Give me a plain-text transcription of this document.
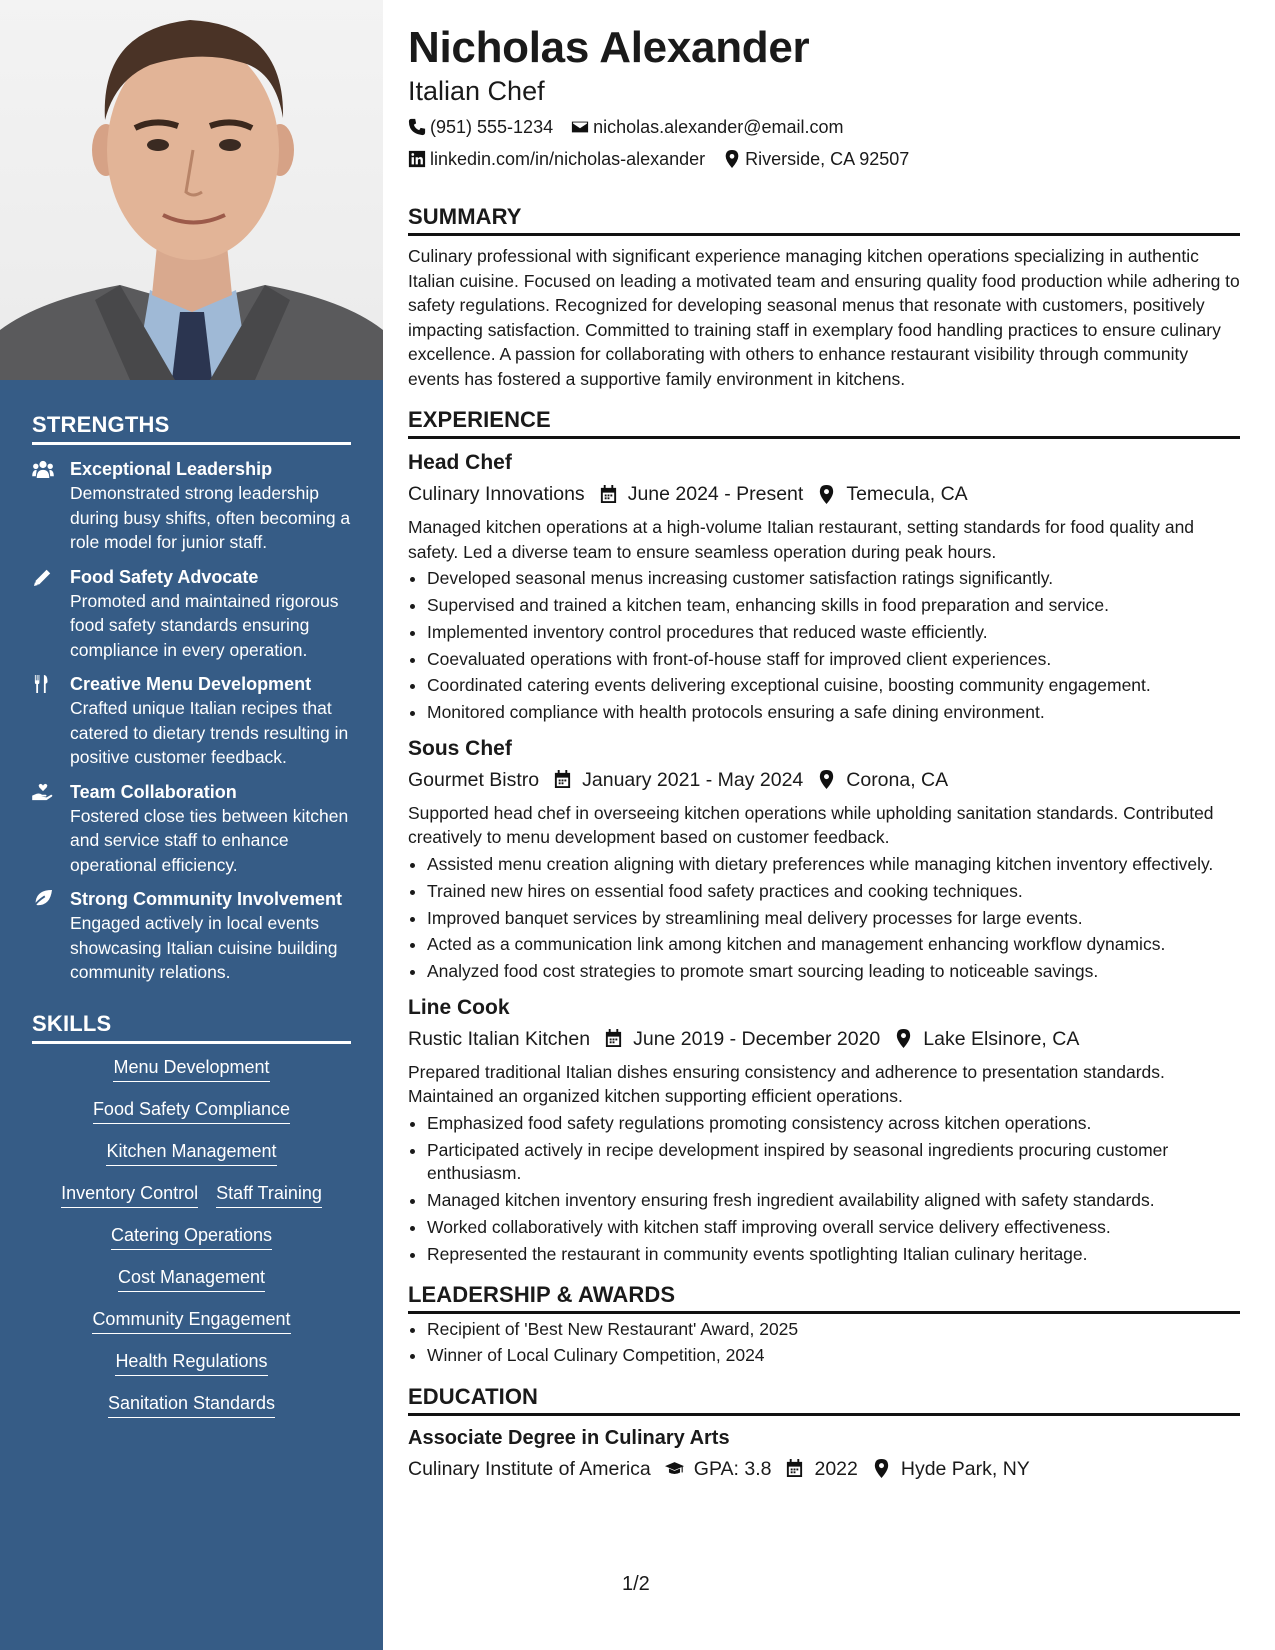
STRENGTHS
Exceptional Leadership
Demonstrated strong leadership during busy shifts, often becoming a role model for junior staff.
Food Safety Advocate
Promoted and maintained rigorous food safety standards ensuring compliance in every operation.
Creative Menu Development
Crafted unique Italian recipes that catered to dietary trends resulting in positive customer feedback.
Team Collaboration
Fostered close ties between kitchen and service staff to enhance operational efficiency.
Strong Community Involvement
Engaged actively in local events showcasing Italian cuisine building community relations.
SKILLS
Menu Development
Food Safety Compliance
Kitchen Management
Inventory Control Staff Training
Catering Operations
Cost Management
Community Engagement
Health Regulations
Sanitation Standards
Nicholas Alexander
Italian Chef
(951) 555-1234 nicholas.alexander@email.com
linkedin.com/in/nicholas-alexander Riverside, CA 92507
SUMMARY
Culinary professional with significant experience managing kitchen operations specializing in authentic Italian cuisine. Focused on leading a motivated team and ensuring quality food production while adhering to safety regulations. Recognized for developing seasonal menus that resonate with customers, positively impacting satisfaction. Committed to training staff in exemplary food handling practices to ensure culinary excellence. A passion for collaborating with others to enhance restaurant visibility through community events has fostered a supportive family environment in kitchens.
EXPERIENCE
Head Chef
Culinary Innovations June 2024 - Present Temecula, CA
Managed kitchen operations at a high-volume Italian restaurant, setting standards for food quality and safety. Led a diverse team to ensure seamless operation during peak hours.
• Developed seasonal menus increasing customer satisfaction ratings significantly.
• Supervised and trained a kitchen team, enhancing skills in food preparation and service.
• Implemented inventory control procedures that reduced waste efficiently.
• Coevaluated operations with front-of-house staff for improved client experiences.
• Coordinated catering events delivering exceptional cuisine, boosting community engagement.
• Monitored compliance with health protocols ensuring a safe dining environment.
Sous Chef
Gourmet Bistro January 2021 - May 2024 Corona, CA
Supported head chef in overseeing kitchen operations while upholding sanitation standards. Contributed creatively to menu development based on customer feedback.
• Assisted menu creation aligning with dietary preferences while managing kitchen inventory effectively.
• Trained new hires on essential food safety practices and cooking techniques.
• Improved banquet services by streamlining meal delivery processes for large events.
• Acted as a communication link among kitchen and management enhancing workflow dynamics.
• Analyzed food cost strategies to promote smart sourcing leading to noticeable savings.
Line Cook
Rustic Italian Kitchen June 2019 - December 2020 Lake Elsinore, CA
Prepared traditional Italian dishes ensuring consistency and adherence to presentation standards. Maintained an organized kitchen supporting efficient operations.
• Emphasized food safety regulations promoting consistency across kitchen operations.
• Participated actively in recipe development inspired by seasonal ingredients procuring customer enthusiasm.
• Managed kitchen inventory ensuring fresh ingredient availability aligned with safety standards.
• Worked collaboratively with kitchen staff improving overall service delivery effectiveness.
• Represented the restaurant in community events spotlighting Italian culinary heritage.
LEADERSHIP & AWARDS
• Recipient of 'Best New Restaurant' Award, 2025
• Winner of Local Culinary Competition, 2024
EDUCATION
Associate Degree in Culinary Arts
Culinary Institute of America GPA: 3.8 2022 Hyde Park, NY
1/2
